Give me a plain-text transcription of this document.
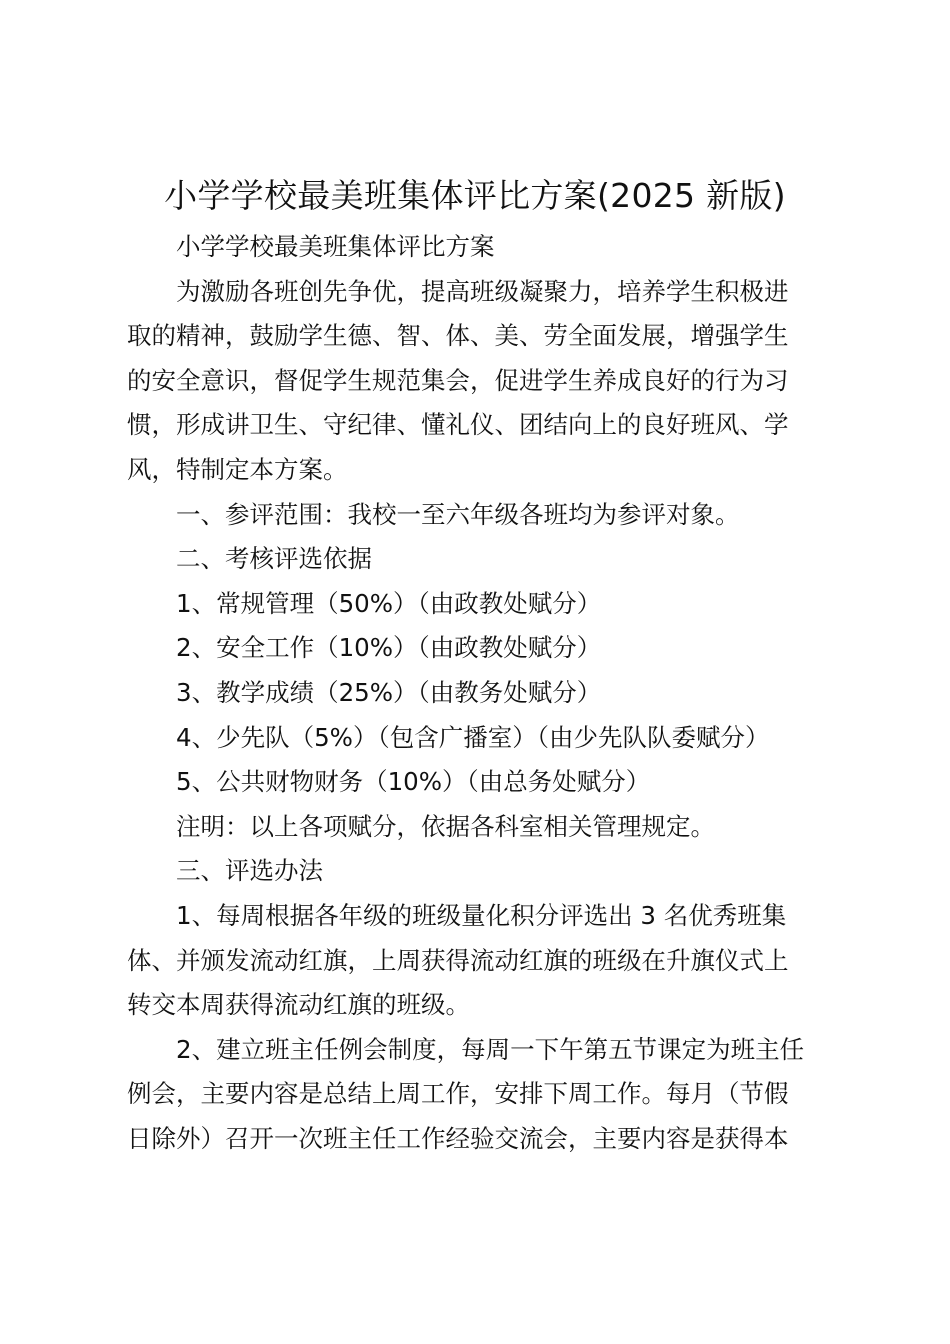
小学学校最美班集体评比方案(2025 新版)
小学学校最美班集体评比方案
为激励各班创先争优，提高班级凝聚力，培养学生积极进
取的精神，鼓励学生德、智、体、美、劳全面发展，增强学生
的安全意识，督促学生规范集会，促进学生养成良好的行为习
惯，形成讲卫生、守纪律、懂礼仪、团结向上的良好班风、学
风，特制定本方案。
一、参评范围：我校一至六年级各班均为参评对象。
二、考核评选依据
1、常规管理（50%）（由政教处赋分）
2、安全工作（10%）（由政教处赋分）
3、教学成绩（25%）（由教务处赋分）
4、少先队（5%）（包含广播室）（由少先队队委赋分）
5、公共财物财务（10%）（由总务处赋分）
注明：以上各项赋分，依据各科室相关管理规定。
三、评选办法
1、每周根据各年级的班级量化积分评选出 3 名优秀班集
体、并颁发流动红旗，上周获得流动红旗的班级在升旗仪式上
转交本周获得流动红旗的班级。
2、建立班主任例会制度，每周一下午第五节课定为班主任
例会，主要内容是总结上周工作，安排下周工作。每月（节假
日除外）召开一次班主任工作经验交流会，主要内容是获得本
